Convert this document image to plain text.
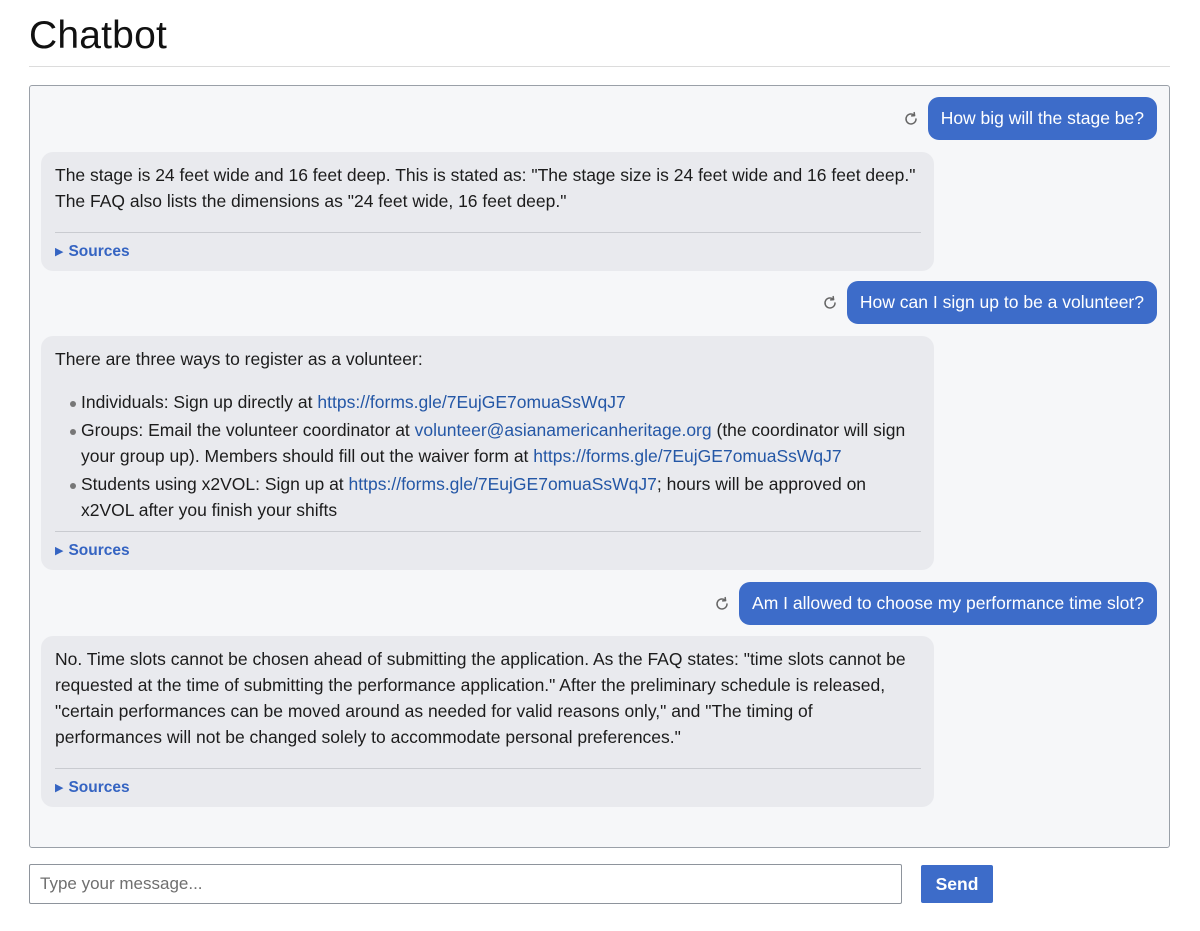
Chatbot
How big will the stage be?

The stage is 24 feet wide and 16 feet deep. This is stated as: "The stage size is 24 feet wide and 16 feet deep." The FAQ also lists the dimensions as "24 feet wide, 16 feet deep."

▶ Sources
How can I sign up to be a volunteer?

There are three ways to register as a volunteer:

Individuals: Sign up directly at https://forms.gle/7EujGE7omuaSsWqJ7
Groups: Email the volunteer coordinator at volunteer@asianamericanheritage.org (the coordinator will sign your group up). Members should fill out the waiver form at https://forms.gle/7EujGE7omuaSsWqJ7
Students using x2VOL: Sign up at https://forms.gle/7EujGE7omuaSsWqJ7; hours will be approved on x2VOL after you finish your shifts
▶ Sources
Am I allowed to choose my performance time slot?

No. Time slots cannot be chosen ahead of submitting the application. As the FAQ states: "time slots cannot be requested at the time of submitting the performance application." After the preliminary schedule is released, "certain performances can be moved around as needed for valid reasons only," and "The timing of performances will not be changed solely to accommodate personal preferences."

▶ Sources
Type your message...
Send
